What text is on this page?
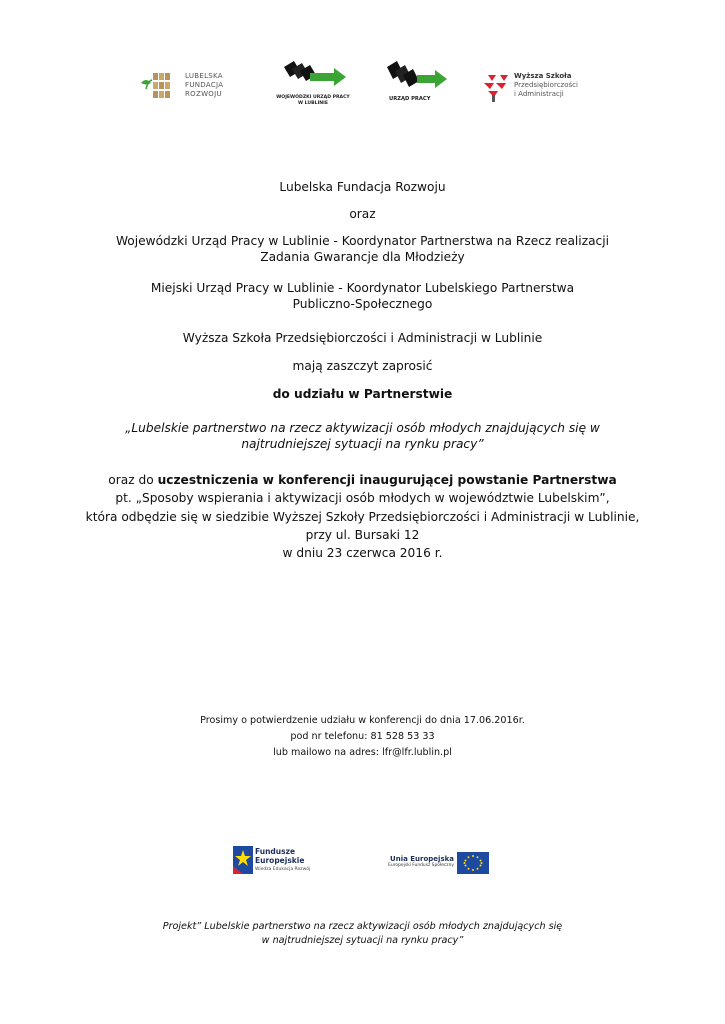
LUBELSKA
FUNDACJA
ROZWOJU	WOJEWÓDZKI URZĄD PRACY
W LUBLINIE
URZĄD PRACY
Wyższa Szkoła
Przedsiębiorczości
i Administracji
Lubelska Fundacja Rozwoju
oraz
Wojewódzki Urząd Pracy w Lublinie - Koordynator Partnerstwa na Rzecz realizacji
Zadania Gwarancje dla Młodzieży
Miejski Urząd Pracy w Lublinie - Koordynator Lubelskiego Partnerstwa
Publiczno-Społecznego
Wyższa Szkoła Przedsiębiorczości i Administracji w Lublinie
mają zaszczyt zaprosić
do udziału w Partnerstwie
„Lubelskie partnerstwo na rzecz aktywizacji osób młodych znajdujących się w
najtrudniejszej sytuacji na rynku pracy”
oraz do uczestniczenia w konferencji inaugurującej powstanie Partnerstwa
pt. „Sposoby wspierania i aktywizacji osób młodych w województwie Lubelskim”,
która odbędzie się w siedzibie Wyższej Szkoły Przedsiębiorczości i Administracji w Lublinie,
przy ul. Bursaki 12
w dniu 23 czerwca 2016 r.
Prosimy o potwierdzenie udziału w konferencji do dnia 17.06.2016r.
pod nr telefonu: 81 528 53 33
lub mailowo na adres: lfr@lfr.lublin.pl
Fundusze
Europejskie
Wiedza Edukacja Rozwój
Unia Europejska
Europejski Fundusz Społeczny
Projekt” Lubelskie partnerstwo na rzecz aktywizacji osób młodych znajdujących się
w najtrudniejszej sytuacji na rynku pracy”
